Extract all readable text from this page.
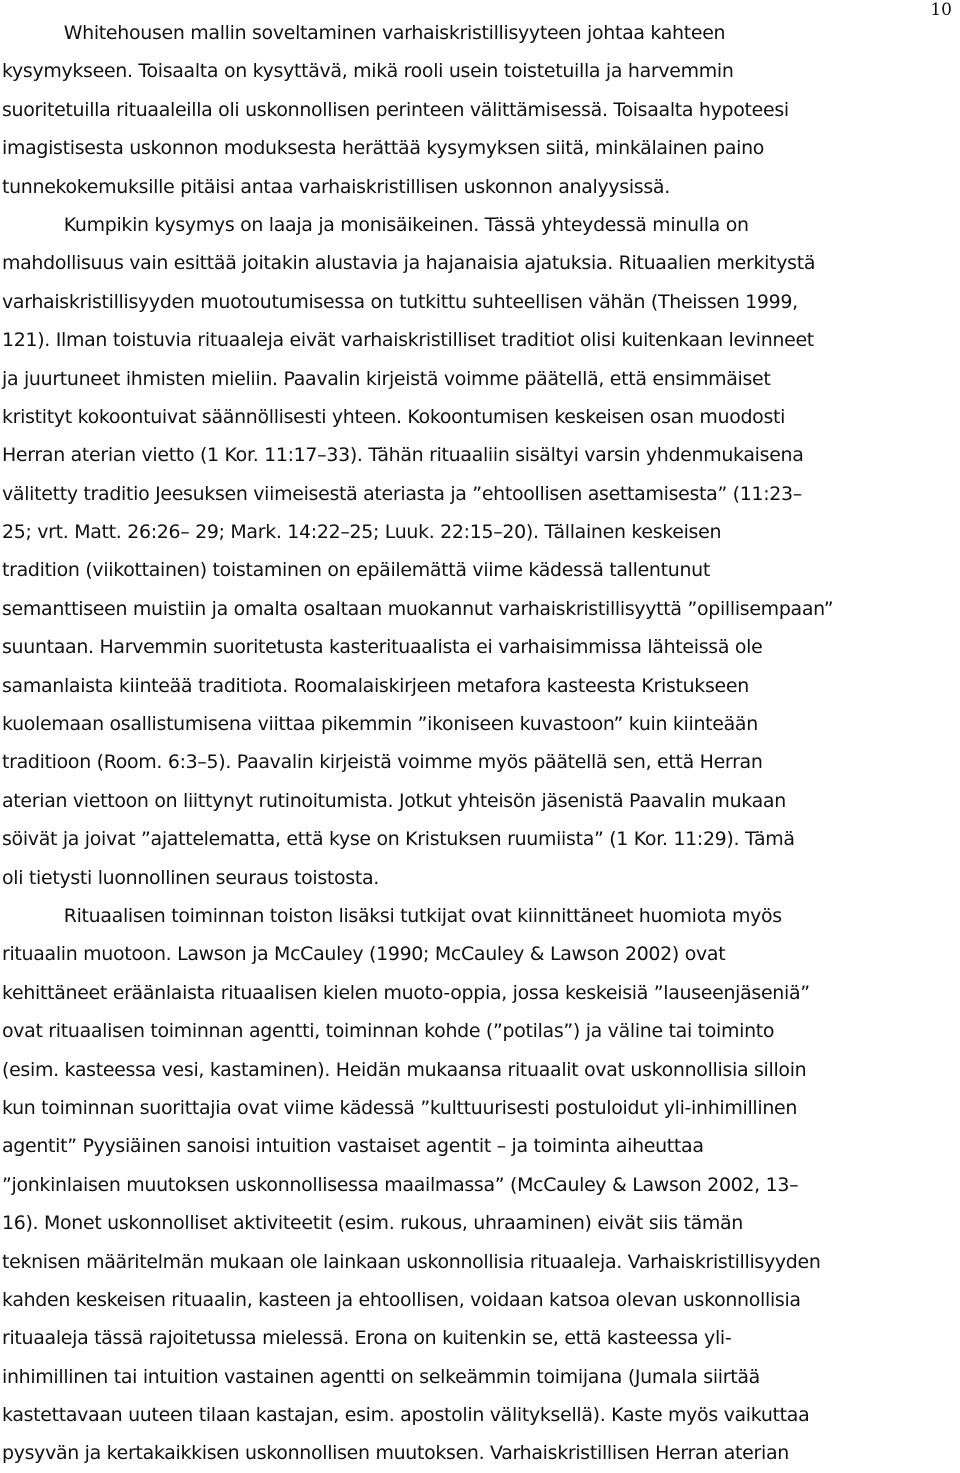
10
Whitehousen mallin soveltaminen varhaiskristillisyyteen johtaa kahteen
kysymykseen. Toisaalta on kysyttävä, mikä rooli usein toistetuilla ja harvemmin
suoritetuilla rituaaleilla oli uskonnollisen perinteen välittämisessä. Toisaalta hypoteesi
imagistisesta uskonnon moduksesta herättää kysymyksen siitä, minkälainen paino
tunnekokemuksille pitäisi antaa varhaiskristillisen uskonnon analyysissä.
Kumpikin kysymys on laaja ja monisäikeinen. Tässä yhteydessä minulla on
mahdollisuus vain esittää joitakin alustavia ja hajanaisia ajatuksia. Rituaalien merkitystä
varhaiskristillisyyden muotoutumisessa on tutkittu suhteellisen vähän (Theissen 1999,
121). Ilman toistuvia rituaaleja eivät varhaiskristilliset traditiot olisi kuitenkaan levinneet
ja juurtuneet ihmisten mieliin. Paavalin kirjeistä voimme päätellä, että ensimmäiset
kristityt kokoontuivat säännöllisesti yhteen. Kokoontumisen keskeisen osan muodosti
Herran aterian vietto (1 Kor. 11:17–33). Tähän rituaaliin sisältyi varsin yhdenmukaisena
välitetty traditio Jeesuksen viimeisestä ateriasta ja ”ehtoollisen asettamisesta” (11:23–
25; vrt. Matt. 26:26– 29; Mark. 14:22–25; Luuk. 22:15–20). Tällainen keskeisen
tradition (viikottainen) toistaminen on epäilemättä viime kädessä tallentunut
semanttiseen muistiin ja omalta osaltaan muokannut varhaiskristillisyyttä ”opillisempaan”
suuntaan. Harvemmin suoritetusta kasterituaalista ei varhaisimmissa lähteissä ole
samanlaista kiinteää traditiota. Roomalaiskirjeen metafora kasteesta Kristukseen
kuolemaan osallistumisena viittaa pikemmin ”ikoniseen kuvastoon” kuin kiinteään
traditioon (Room. 6:3–5). Paavalin kirjeistä voimme myös päätellä sen, että Herran
aterian viettoon on liittynyt rutinoitumista. Jotkut yhteisön jäsenistä Paavalin mukaan
söivät ja joivat ”ajattelematta, että kyse on Kristuksen ruumiista” (1 Kor. 11:29). Tämä
oli tietysti luonnollinen seuraus toistosta.
Rituaalisen toiminnan toiston lisäksi tutkijat ovat kiinnittäneet huomiota myös
rituaalin muotoon. Lawson ja McCauley (1990; McCauley & Lawson 2002) ovat
kehittäneet eräänlaista rituaalisen kielen muoto-oppia, jossa keskeisiä ”lauseenjäseniä”
ovat rituaalisen toiminnan agentti, toiminnan kohde (”potilas”) ja väline tai toiminto
(esim. kasteessa vesi, kastaminen). Heidän mukaansa rituaalit ovat uskonnollisia silloin
kun toiminnan suorittajia ovat viime kädessä ”kulttuurisesti postuloidut yli-inhimillinen
agentit” Pyysiäinen sanoisi intuition vastaiset agentit – ja toiminta aiheuttaa
”jonkinlaisen muutoksen uskonnollisessa maailmassa” (McCauley & Lawson 2002, 13–
16). Monet uskonnolliset aktiviteetit (esim. rukous, uhraaminen) eivät siis tämän
teknisen määritelmän mukaan ole lainkaan uskonnollisia rituaaleja. Varhaiskristillisyyden
kahden keskeisen rituaalin, kasteen ja ehtoollisen, voidaan katsoa olevan uskonnollisia
rituaaleja tässä rajoitetussa mielessä. Erona on kuitenkin se, että kasteessa yli-
inhimillinen tai intuition vastainen agentti on selkeämmin toimijana (Jumala siirtää
kastettavaan uuteen tilaan kastajan, esim. apostolin välityksellä). Kaste myös vaikuttaa
pysyvän ja kertakaikkisen uskonnollisen muutoksen. Varhaiskristillisen Herran aterian
